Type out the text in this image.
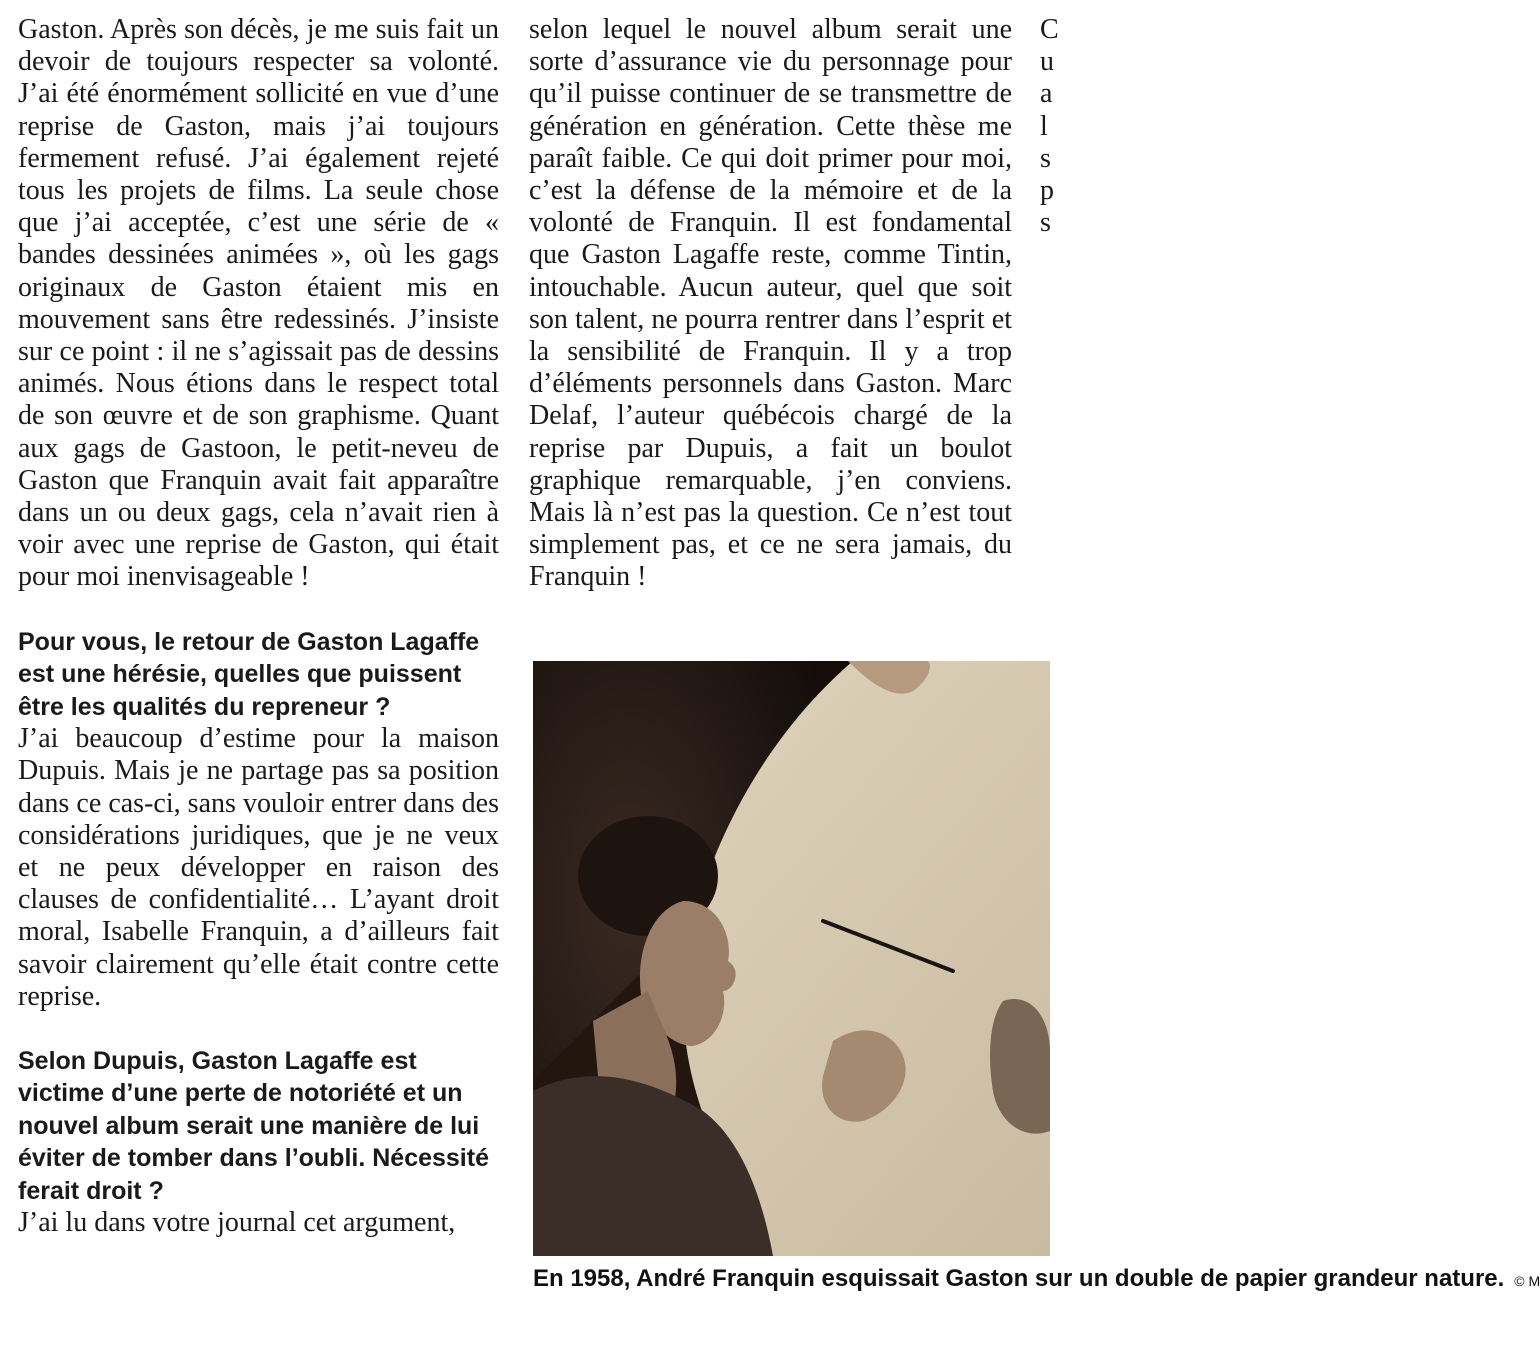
Gaston. Après son décès, je me suis fait un devoir de toujours respecter sa volonté. J’ai été énormément sollicité en vue d’une reprise de Gaston, mais j’ai toujours fermement refusé. J’ai également rejeté tous les projets de films. La seule chose que j’ai acceptée, c’est une série de « bandes dessinées animées », où les gags originaux de Gaston étaient mis en mouvement sans être redessinés. J’insiste sur ce point : il ne s’agissait pas de dessins animés. Nous étions dans le respect total de son œuvre et de son graphisme. Quant aux gags de Gastoon, le petit-neveu de Gaston que Franquin avait fait apparaître dans un ou deux gags, cela n’avait rien à voir avec une reprise de Gaston, qui était pour moi inenvisageable !

Pour vous, le retour de Gaston Lagaffe est une hérésie, quelles que puissent être les qualités du repreneur ?

J’ai beaucoup d’estime pour la maison Dupuis. Mais je ne partage pas sa position dans ce cas-ci, sans vouloir entrer dans des considérations juridiques, que je ne veux et ne peux développer en raison des clauses de confidentialité… L’ayant droit moral, Isabelle Franquin, a d’ailleurs fait savoir clairement qu’elle était contre cette reprise.

Selon Dupuis, Gaston Lagaffe est victime d’une perte de notoriété et un nouvel album serait une manière de lui éviter de tomber dans l’oubli. Nécessité ferait droit ?

J’ai lu dans votre journal cet argument,

selon lequel le nouvel album serait une sorte d’assurance vie du personnage pour qu’il puisse continuer de se transmettre de génération en génération. Cette thèse me paraît faible. Ce qui doit primer pour moi, c’est la défense de la mémoire et de la volonté de Franquin. Il est fondamental que Gaston Lagaffe reste, comme Tintin, intouchable. Aucun auteur, quel que soit son talent, ne pourra rentrer dans l’esprit et la sensibilité de Franquin. Il y a trop d’éléments personnels dans Gaston. Marc Delaf, l’auteur québécois chargé de la reprise par Dupuis, a fait un boulot graphique remarquable, j’en conviens. Mais là n’est pas la question. Ce n’est tout simplement pas, et ce ne sera jamais, du Franquin !

C
u
a
l
s
p
s
En 1958, André Franquin esquissait Gaston sur un double de papier grandeur nature. © M
